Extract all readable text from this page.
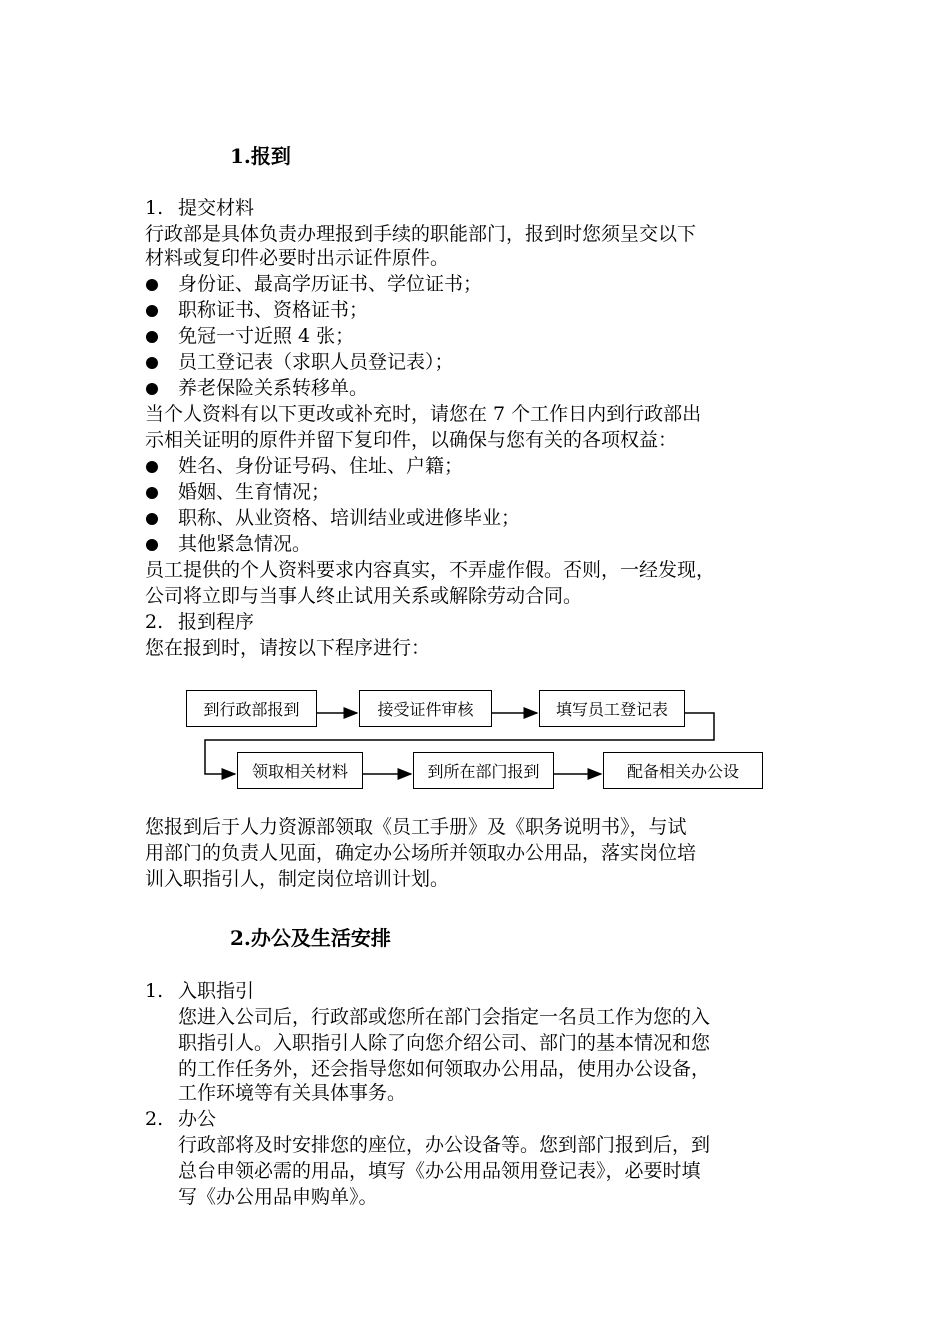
1.报到
1. 提交材料
行政部是具体负责办理报到手续的职能部门，报到时您须呈交以下
材料或复印件必要时出示证件原件。
身份证、最高学历证书、学位证书；
职称证书、资格证书；
免冠一寸近照 4 张；
员工登记表（求职人员登记表）；
养老保险关系转移单。
当个人资料有以下更改或补充时，请您在 7 个工作日内到行政部出
示相关证明的原件并留下复印件，以确保与您有关的各项权益：
姓名、身份证号码、住址、户籍；
婚姻、生育情况；
职称、从业资格、培训结业或进修毕业；
其他紧急情况。
员工提供的个人资料要求内容真实，不弄虚作假。否则，一经发现，
公司将立即与当事人终止试用关系或解除劳动合同。
2. 报到程序
您在报到时，请按以下程序进行：
到行政部报到	接受证件审核	填写员工登记表
领取相关材料	到所在部门报到	配备相关办公设
您报到后于人力资源部领取《员工手册》及《职务说明书》，与试
用部门的负责人见面，确定办公场所并领取办公用品，落实岗位培
训入职指引人，制定岗位培训计划。
2.办公及生活安排
1. 入职指引
您进入公司后，行政部或您所在部门会指定一名员工作为您的入
职指引人。入职指引人除了向您介绍公司、部门的基本情况和您
的工作任务外，还会指导您如何领取办公用品，使用办公设备，
工作环境等有关具体事务。
2. 办公
行政部将及时安排您的座位，办公设备等。您到部门报到后，到
总台申领必需的用品，填写《办公用品领用登记表》，必要时填
写《办公用品申购单》。
